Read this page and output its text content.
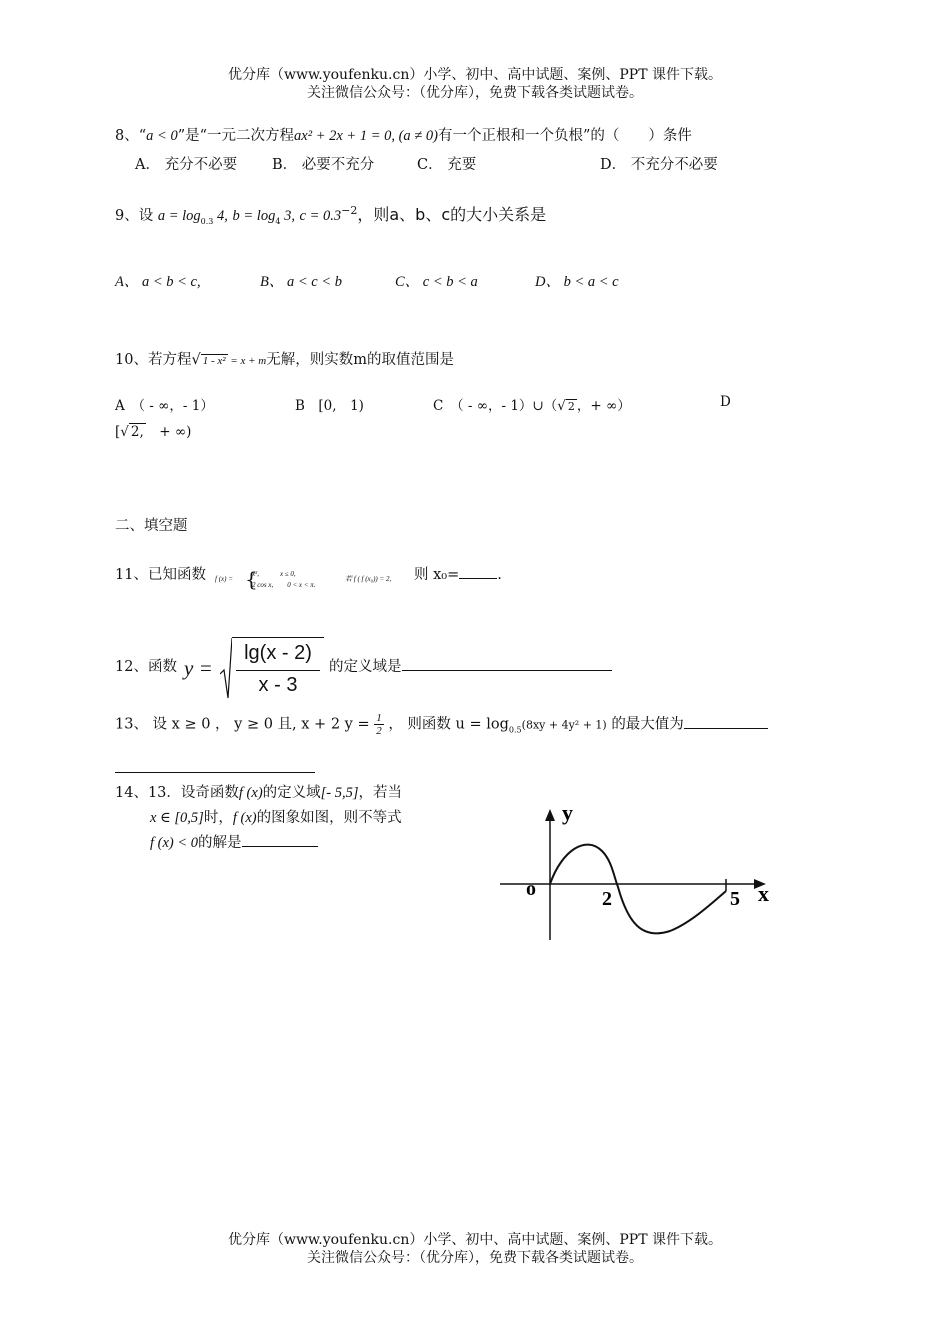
优分库（www.youfenku.cn）小学、初中、高中试题、案例、PPT 课件下载。
关注微信公众号：（优分库），免费下载各类试题试卷。
8、“a < 0”是“一元二次方程ax² + 2x + 1 = 0, (a ≠ 0)有一个正根和一个负根”的（　　）条件
A． 充分不必要 B． 必要不充分	C． 充要	D． 不充分不必要
9、设 $a = \log_{0.3} 4$, $b = \log_4 3$, $c = 0.3^{-2}$，则a、b、c的大小关系是
A、 a < b < c,	B、 a < c < b	C、 c < b < a	D、 b < a < c
10、若方程√ 1 - x² = x + m无解，则实数m的取值范围是
A　（ - ∞，- 1）	B　[0,　1)	C　（ - ∞，- 1）∪（√ 2 ，+ ∞）	D
[√ 2,　+ ∞)
二、填空题
11、已知函数 f (x) = {
x²,　　　x ≤ 0,
2 cos x,　　0 < x < π.
若 f ( f (x₀)) = 2, 则 x₀=	.
12、函数 y =
lg(x - 2)
x - 3
的定义域是
13、 设 x ≥ 0 ， y ≥ 0 且, x + 2 $y = \frac{1}{2}$ ， 则函数 $u = \log_{0.5}(8xy + 4y^2 + 1)$ 的最大值为
14、13．设奇函数f (x)的定义域[- 5,5]，若当
x ∈ [0,5]时，f (x)的图象如图，则不等式
f (x) < 0的解是
y
x
o	2	5
优分库（www.youfenku.cn）小学、初中、高中试题、案例、PPT 课件下载。
关注微信公众号：（优分库），免费下载各类试题试卷。
